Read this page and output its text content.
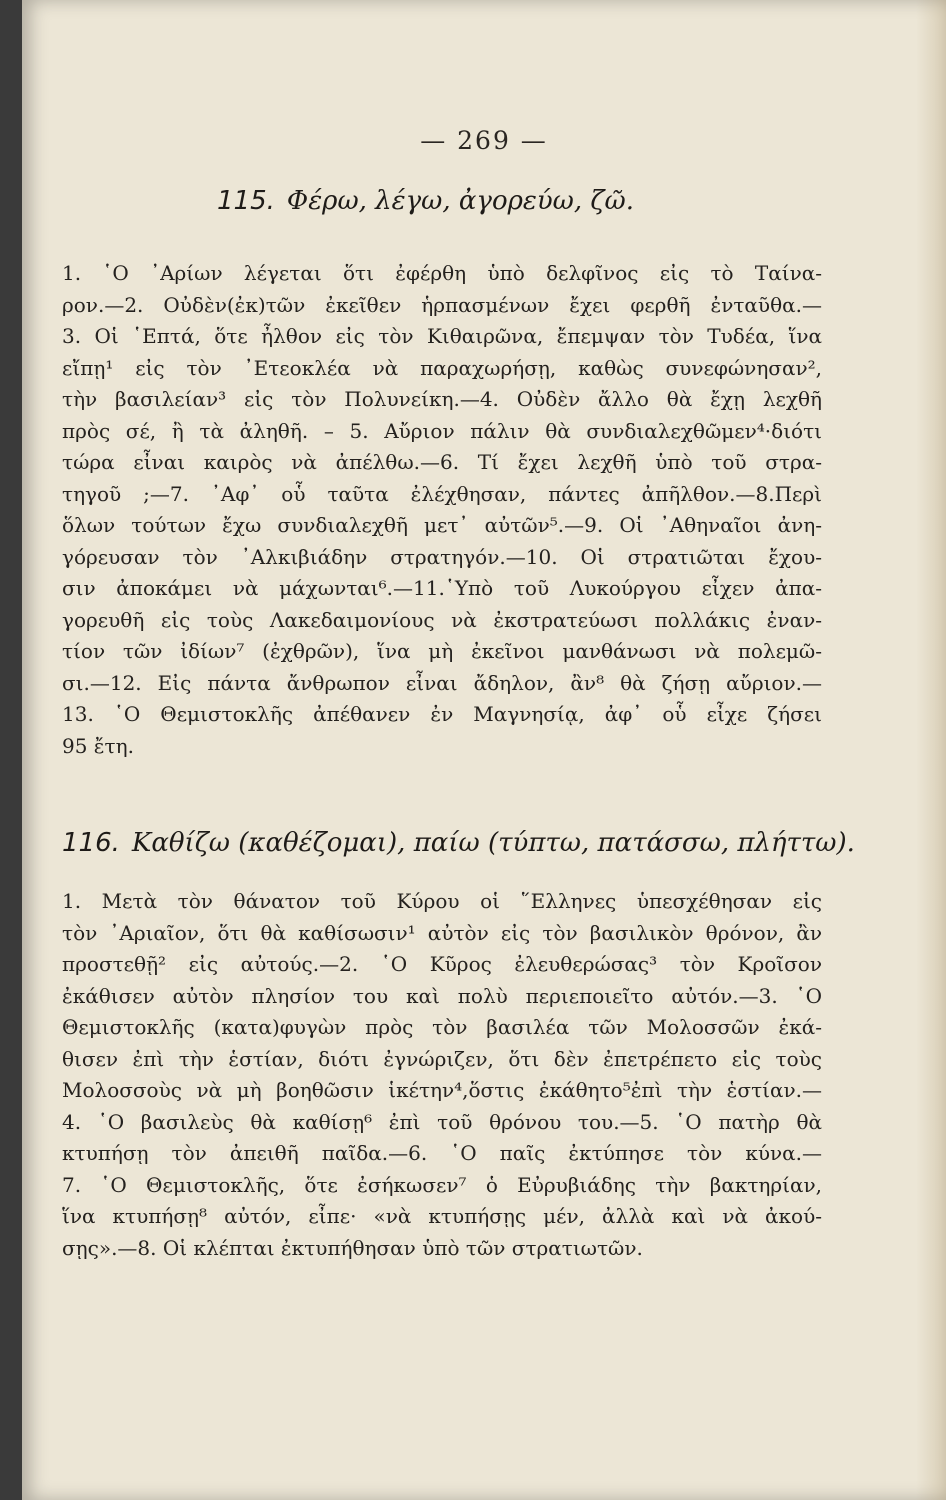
— 269 —
115. Φέρω, λέγω, ἀγορεύω, ζῶ.
1. ῾Ο ᾿Αρίων λέγεται ὅτι ἐφέρθη ὑπὸ δελφῖνος εἰς τὸ Ταίνα-
ρον.—2. Οὐδὲν(ἐκ)τῶν ἐκεῖθεν ἡρπασμένων ἔχει φερθῆ ἐνταῦθα.—
3. Οἱ ῾Επτά, ὅτε ἦλθον εἰς τὸν Κιθαιρῶνα, ἔπεμψαν τὸν Τυδέα, ἵνα
εἴπῃ¹ εἰς τὸν ᾿Ετεοκλέα νὰ παραχωρήσῃ, καθὼς συνεφώνησαν²,
τὴν βασιλείαν³ εἰς τὸν Πολυνείκη.—4. Οὐδὲν ἄλλο θὰ ἔχῃ λεχθῆ
πρὸς σέ, ἢ τὰ ἀληθῆ. – 5. Αὔριον πάλιν θὰ συνδιαλεχθῶμεν⁴·διότι
τώρα εἶναι καιρὸς νὰ ἀπέλθω.—6. Τί ἔχει λεχθῆ ὑπὸ τοῦ στρα-
τηγοῦ ;—7. ᾿Αφ᾿ οὗ ταῦτα ἐλέχθησαν, πάντες ἀπῆλθον.—8.Περὶ
ὅλων τούτων ἔχω συνδιαλεχθῆ μετ᾿ αὐτῶν⁵.—9. Οἱ ᾿Αθηναῖοι ἀνη-
γόρευσαν τὸν ᾿Αλκιβιάδην στρατηγόν.—10. Οἱ στρατιῶται ἔχου-
σιν ἀποκάμει νὰ μάχωνται⁶.—11.῾Υπὸ τοῦ Λυκούργου εἶχεν ἀπα-
γορευθῆ εἰς τοὺς Λακεδαιμονίους νὰ ἐκστρατεύωσι πολλάκις ἐναν-
τίον τῶν ἰδίων⁷ (ἐχθρῶν), ἵνα μὴ ἐκεῖνοι μανθάνωσι νὰ πολεμῶ-
σι.—12. Εἰς πάντα ἄνθρωπον εἶναι ἄδηλον, ἂν⁸ θὰ ζήσῃ αὔριον.—
13. ῾Ο Θεμιστοκλῆς ἀπέθανεν ἐν Μαγνησίᾳ, ἀφ᾿ οὗ εἶχε ζήσει
95 ἔτη.
116. Καθίζω (καθέζομαι), παίω (τύπτω, πατάσσω, πλήττω).
1. Μετὰ τὸν θάνατον τοῦ Κύρου οἱ ῞Ελληνες ὑπεσχέθησαν εἰς
τὸν ᾿Αριαῖον, ὅτι θὰ καθίσωσιν¹ αὐτὸν εἰς τὸν βασιλικὸν θρόνον, ἂν
προστεθῇ² εἰς αὐτούς.—2. ῾Ο Κῦρος ἐλευθερώσας³ τὸν Κροῖσον
ἐκάθισεν αὐτὸν πλησίον του καὶ πολὺ περιεποιεῖτο αὐτόν.—3. ῾Ο
Θεμιστοκλῆς (κατα)φυγὼν πρὸς τὸν βασιλέα τῶν Μολοσσῶν ἐκά-
θισεν ἐπὶ τὴν ἑστίαν, διότι ἐγνώριζεν, ὅτι δὲν ἐπετρέπετο εἰς τοὺς
Μολοσσοὺς νὰ μὴ βοηθῶσιν ἱκέτην⁴,ὅστις ἐκάθητο⁵ἐπὶ τὴν ἑστίαν.—
4. ῾Ο βασιλεὺς θὰ καθίσῃ⁶ ἐπὶ τοῦ θρόνου του.—5. ῾Ο πατὴρ θὰ
κτυπήσῃ τὸν ἀπειθῆ παῖδα.—6. ῾Ο παῖς ἐκτύπησε τὸν κύνα.—
7. ῾Ο Θεμιστοκλῆς, ὅτε ἐσήκωσεν⁷ ὁ Εὐρυβιάδης τὴν βακτηρίαν,
ἵνα κτυπήσῃ⁸ αὐτόν, εἶπε· «νὰ κτυπήσῃς μέν, ἀλλὰ καὶ νὰ ἀκού-
σῃς».—8. Οἱ κλέπται ἐκτυπήθησαν ὑπὸ τῶν στρατιωτῶν.
